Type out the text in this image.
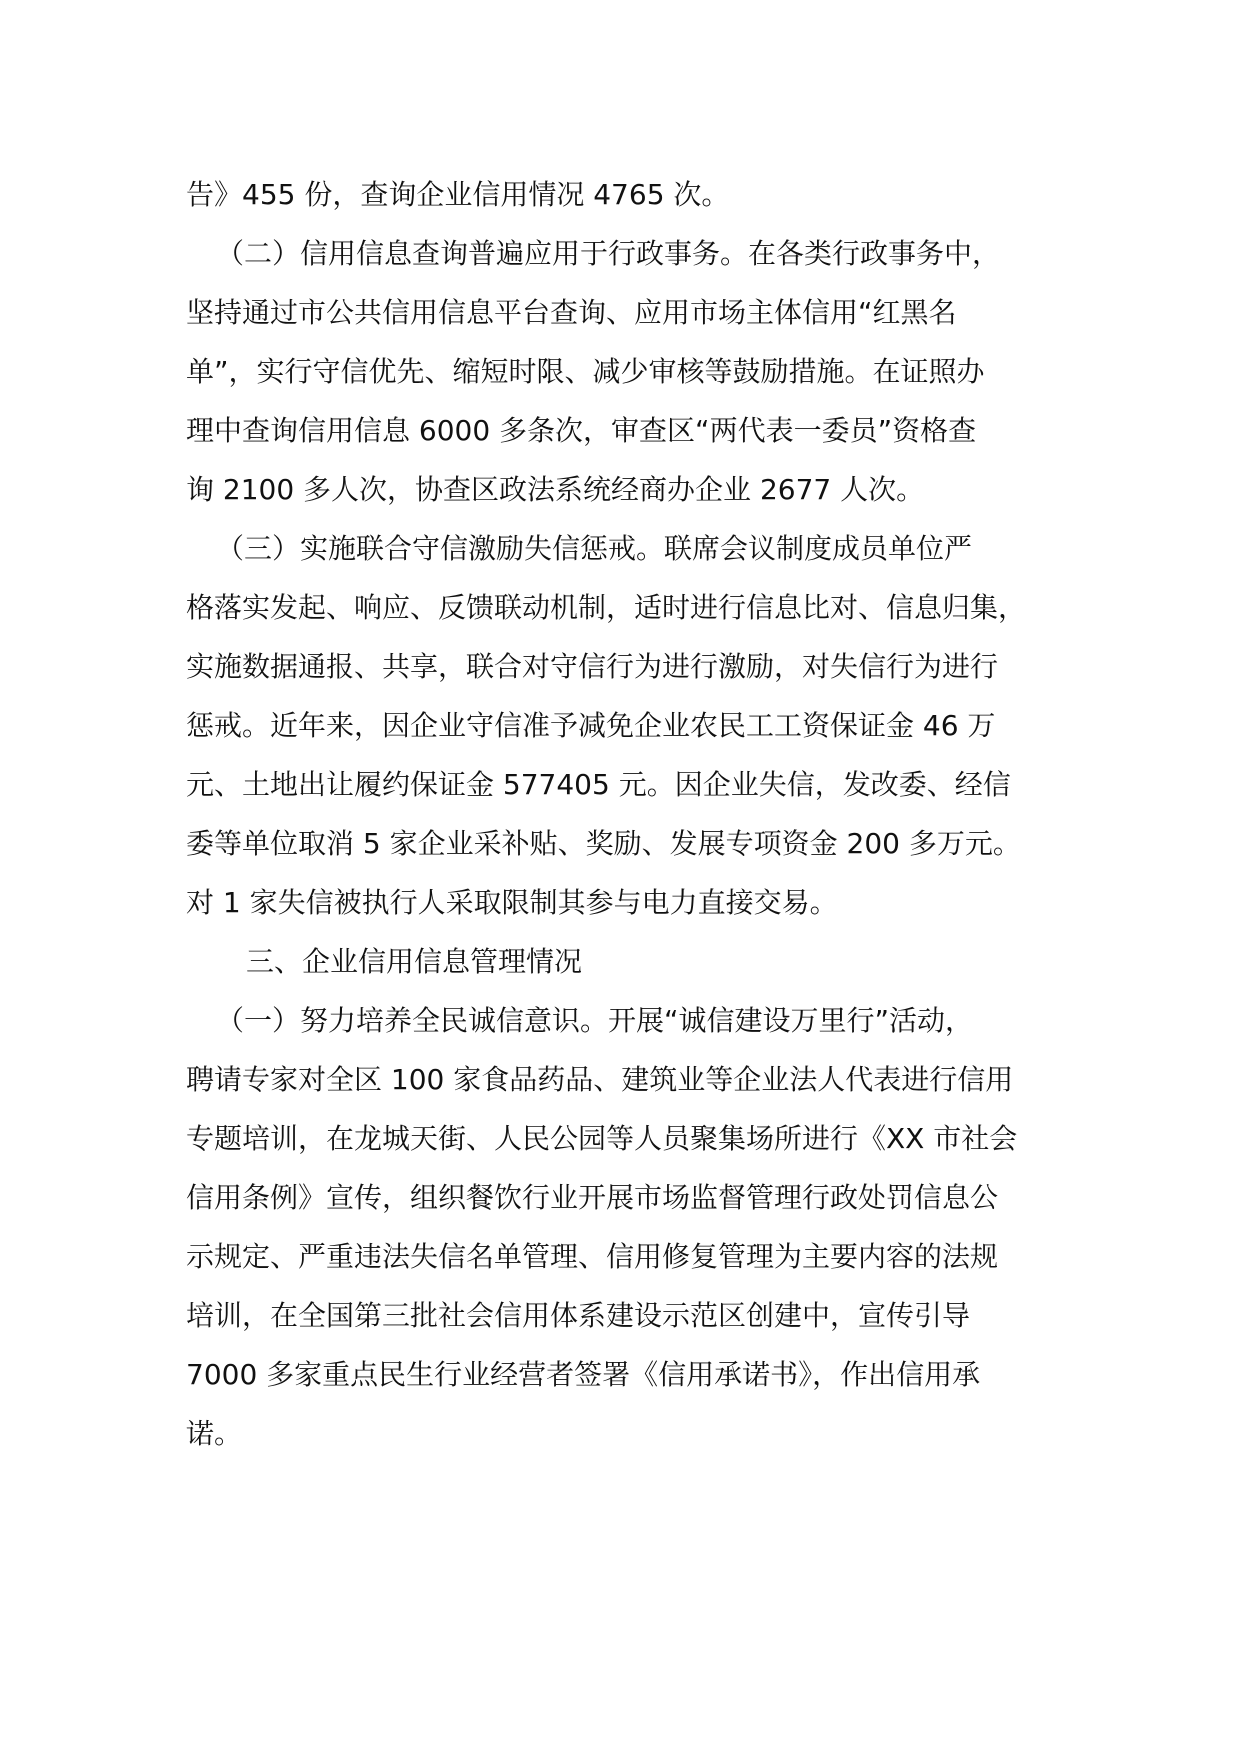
告》455 份，查询企业信用情况 4765 次。
（二）信用信息查询普遍应用于行政事务。在各类行政事务中，
坚持通过市公共信用信息平台查询、应用市场主体信用“红黑名
单”，实行守信优先、缩短时限、减少审核等鼓励措施。在证照办
理中查询信用信息 6000 多条次，审查区“两代表一委员”资格查
询 2100 多人次，协查区政法系统经商办企业 2677 人次。
（三）实施联合守信激励失信惩戒。联席会议制度成员单位严
格落实发起、响应、反馈联动机制，适时进行信息比对、信息归集，
实施数据通报、共享，联合对守信行为进行激励，对失信行为进行
惩戒。近年来，因企业守信准予减免企业农民工工资保证金 46 万
元、土地出让履约保证金 577405 元。因企业失信，发改委、经信
委等单位取消 5 家企业采补贴、奖励、发展专项资金 200 多万元。
对 1 家失信被执行人采取限制其参与电力直接交易。
三、企业信用信息管理情况
（一）努力培养全民诚信意识。开展“诚信建设万里行”活动，
聘请专家对全区 100 家食品药品、建筑业等企业法人代表进行信用
专题培训，在龙城天街、人民公园等人员聚集场所进行《XX 市社会
信用条例》宣传，组织餐饮行业开展市场监督管理行政处罚信息公
示规定、严重违法失信名单管理、信用修复管理为主要内容的法规
培训，在全国第三批社会信用体系建设示范区创建中，宣传引导
7000 多家重点民生行业经营者签署《信用承诺书》，作出信用承
诺。
